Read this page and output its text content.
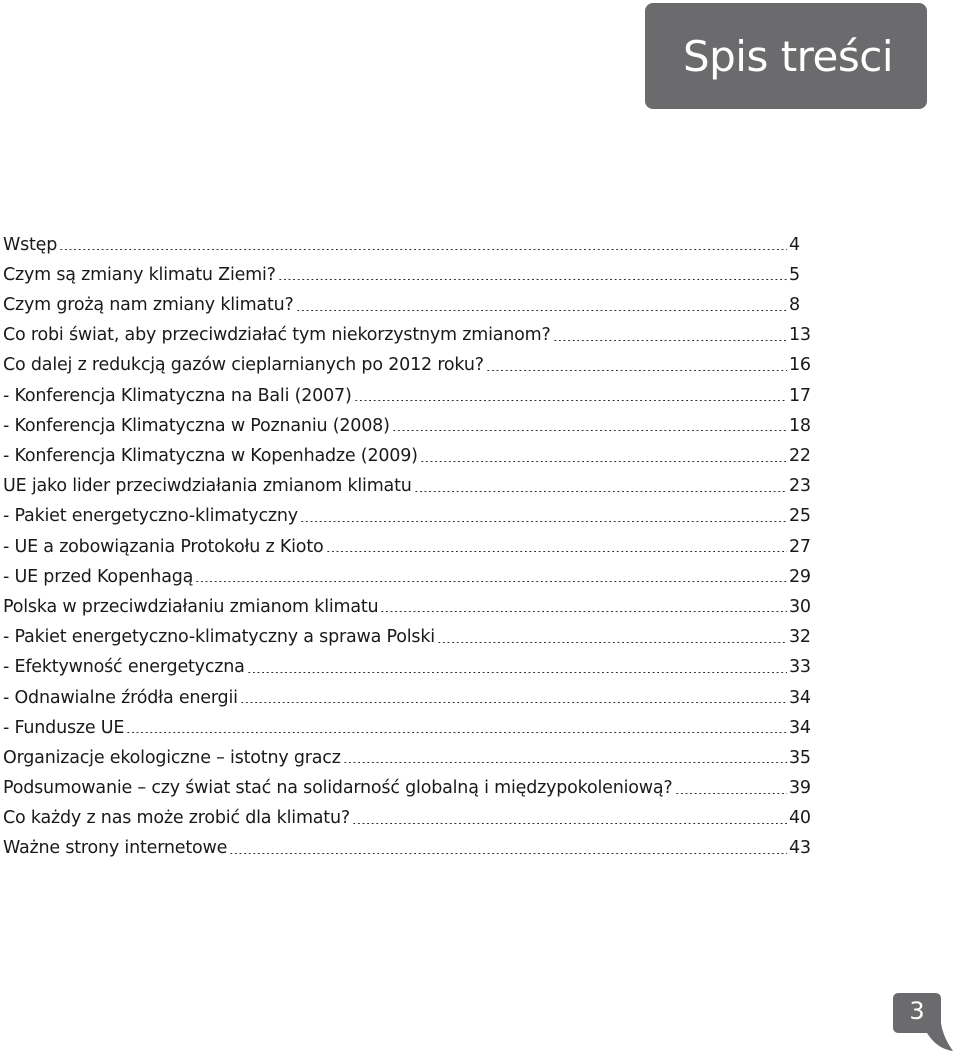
Spis treści
Wstęp	4
Czym są zmiany klimatu Ziemi?	5
Czym grożą nam zmiany klimatu?	8
Co robi świat, aby przeciwdziałać tym niekorzystnym zmianom?	13
Co dalej z redukcją gazów cieplarnianych po 2012 roku?	16
- Konferencja Klimatyczna na Bali (2007)	17
- Konferencja Klimatyczna w Poznaniu (2008)	18
- Konferencja Klimatyczna w Kopenhadze (2009)	22
UE jako lider przeciwdziałania zmianom klimatu	23
- Pakiet energetyczno-klimatyczny	25
- UE a zobowiązania Protokołu z Kioto	27
- UE przed Kopenhagą	29
Polska w przeciwdziałaniu zmianom klimatu	30
- Pakiet energetyczno-klimatyczny a sprawa Polski	32
- Efektywność energetyczna	33
- Odnawialne źródła energii	34
- Fundusze UE	34
Organizacje ekologiczne – istotny gracz	35
Podsumowanie – czy świat stać na solidarność globalną i międzypokoleniową?	39
Co każdy z nas może zrobić dla klimatu?	40
Ważne strony internetowe	43
3
